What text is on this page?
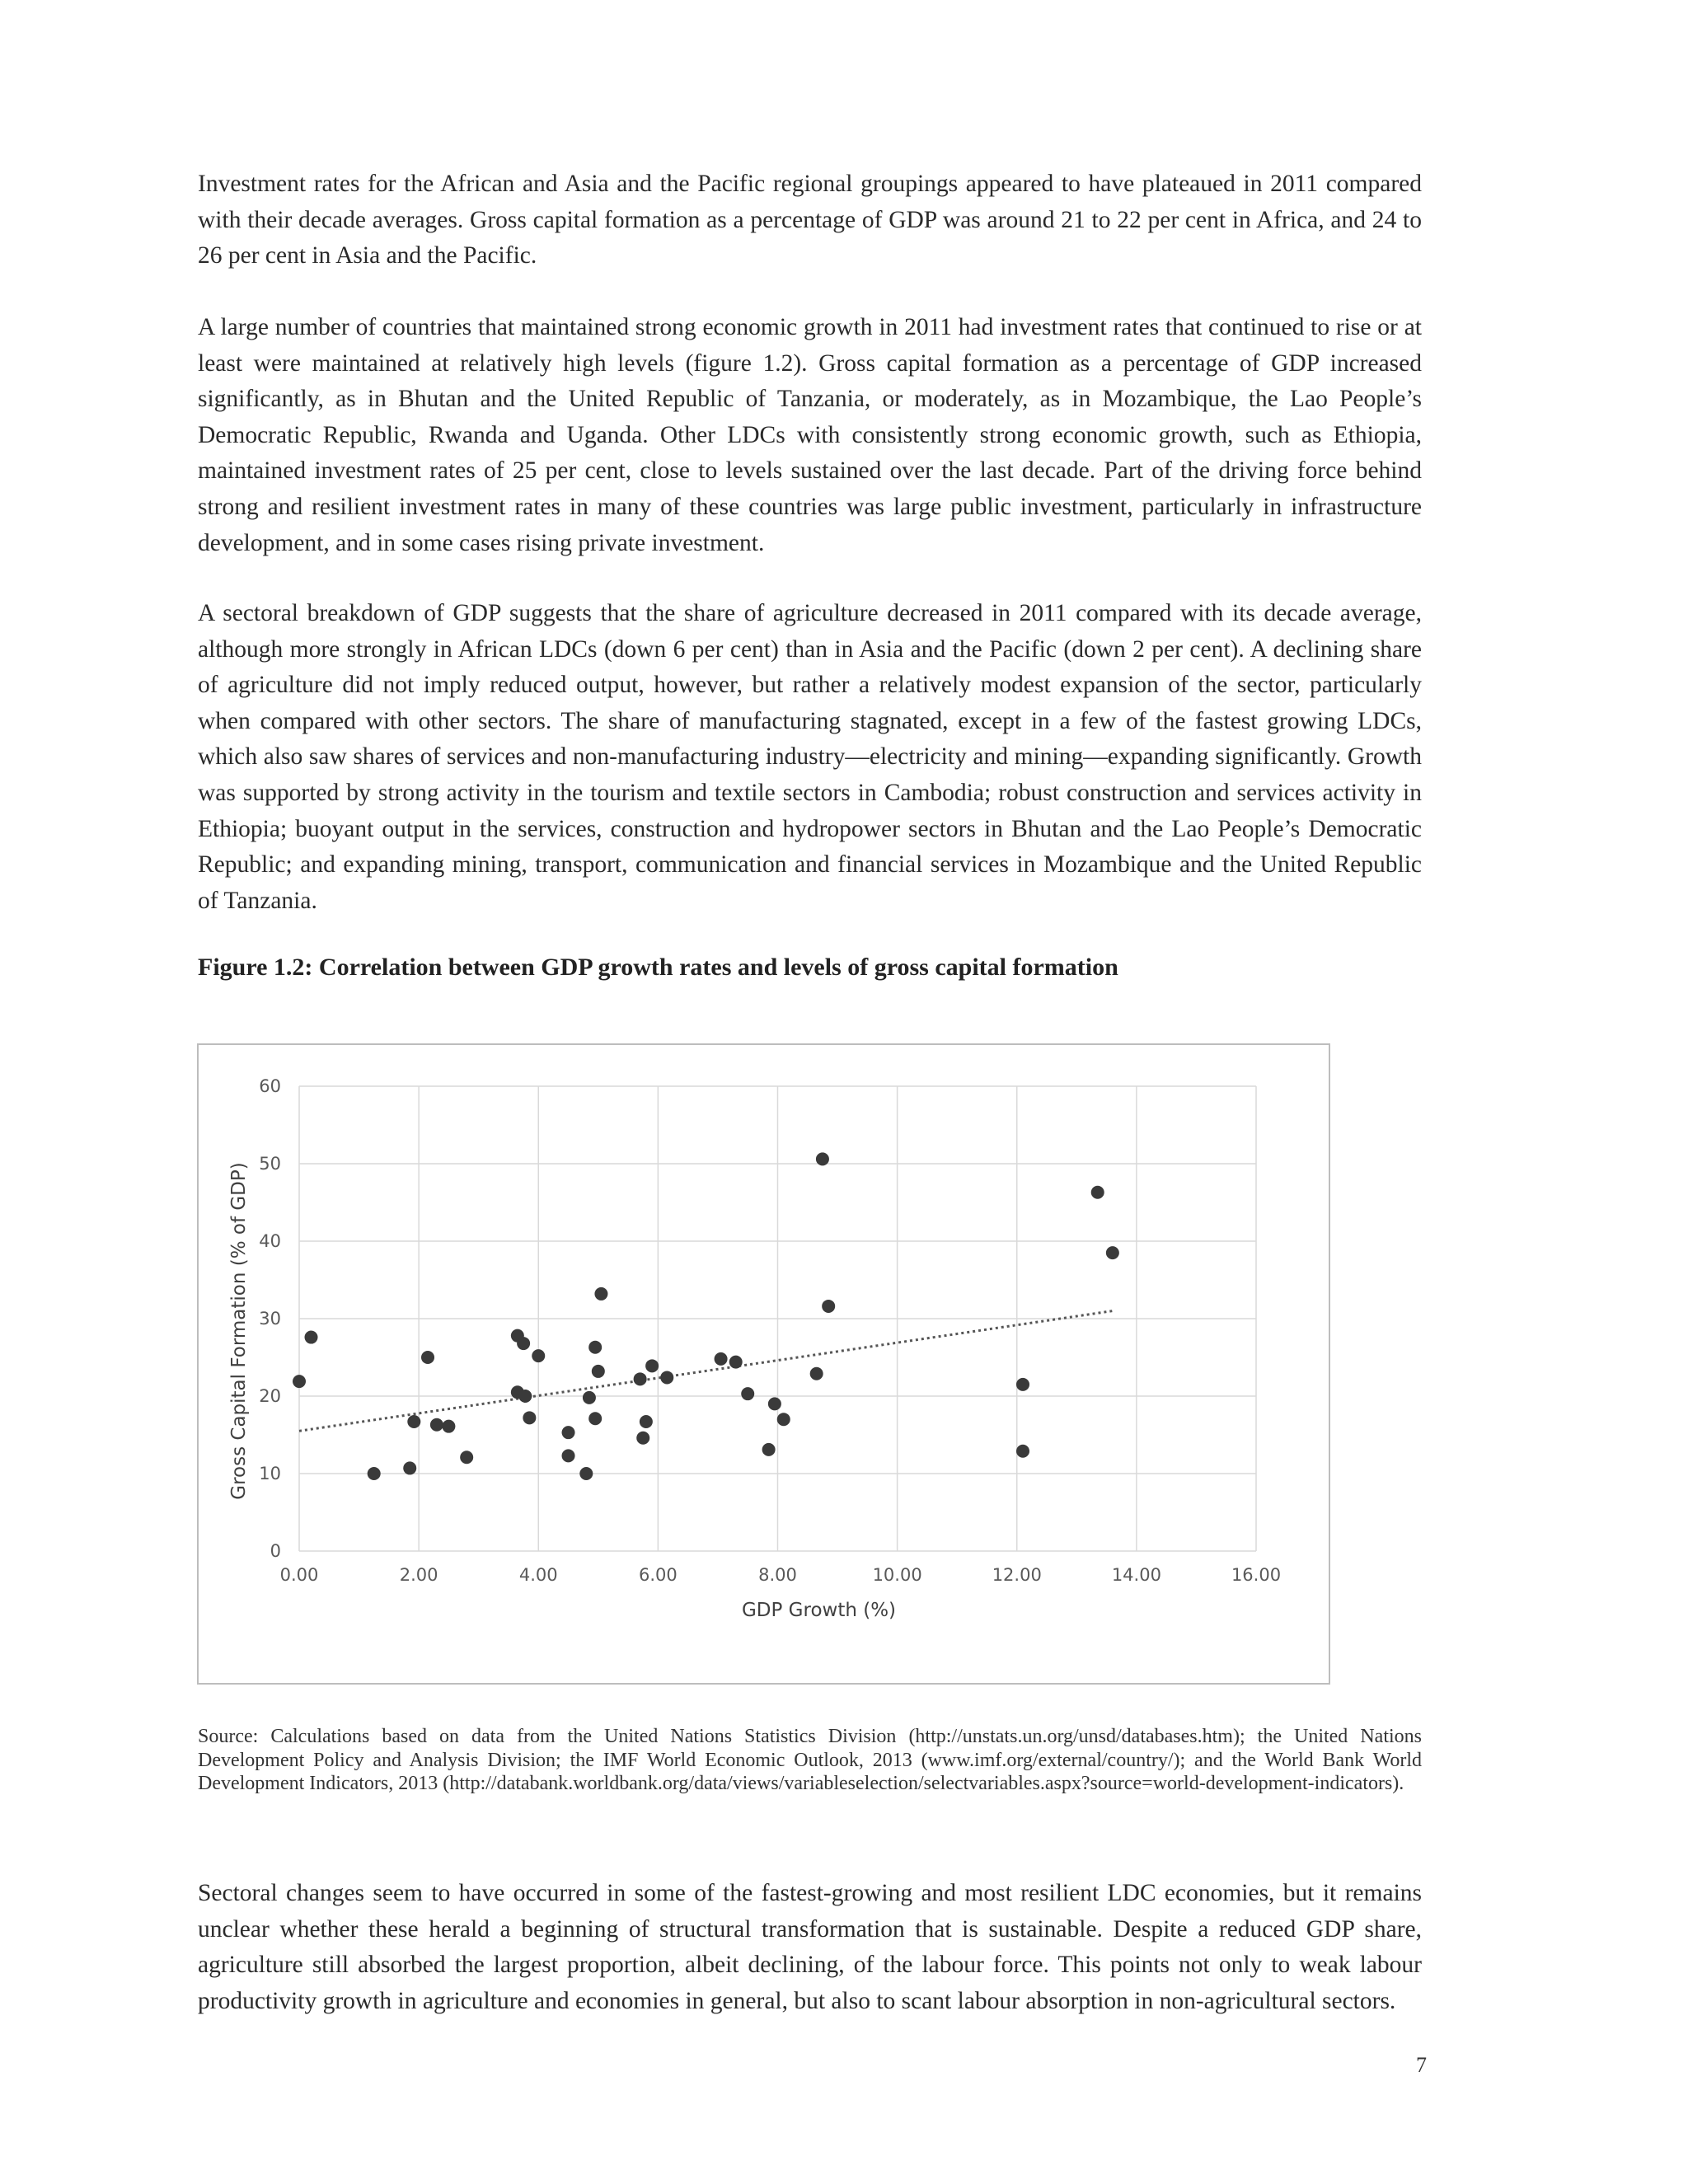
Investment rates for the African and Asia and the Pacific regional groupings appeared to have plateaued in 2011 compared with their decade averages. Gross capital formation as a percentage of GDP was around 21 to 22 per cent in Africa, and 24 to 26 per cent in Asia and the Pacific.

A large number of countries that maintained strong economic growth in 2011 had investment rates that continued to rise or at least were maintained at relatively high levels (figure 1.2). Gross capital formation as a percentage of GDP increased significantly, as in Bhutan and the United Republic of Tanzania, or moderately, as in Mozambique, the Lao People’s Democratic Republic, Rwanda and Uganda. Other LDCs with consistently strong economic growth, such as Ethiopia, maintained investment rates of 25 per cent, close to levels sustained over the last decade. Part of the driving force behind strong and resilient investment rates in many of these countries was large public investment, particularly in infrastructure development, and in some cases rising private investment.

A sectoral breakdown of GDP suggests that the share of agriculture decreased in 2011 compared with its decade average, although more strongly in African LDCs (down 6 per cent) than in Asia and the Pacific (down 2 per cent). A declining share of agriculture did not imply reduced output, however, but rather a relatively modest expansion of the sector, particularly when compared with other sectors. The share of manufacturing stagnated, except in a few of the fastest growing LDCs, which also saw shares of services and non-manufacturing industry—electricity and mining—expanding significantly. Growth was supported by strong activity in the tourism and textile sectors in Cambodia; robust construction and services activity in Ethiopia; buoyant output in the services, construction and hydropower sectors in Bhutan and the Lao People’s Democratic Republic; and expanding mining, transport, communication and financial services in Mozambique and the United Republic of Tanzania.

Figure 1.2: Correlation between GDP growth rates and levels of gross capital formation

0.00	2.00	4.00	6.00	8.00	10.00	12.00	14.00	16.00
0
10
20
30
40
50
60
GDP Growth (%)
Gross Capital Formation (% of GDP)

Source: Calculations based on data from the United Nations Statistics Division (http://unstats.un.org/unsd/databases.htm); the United Nations Development Policy and Analysis Division; the IMF World Economic Outlook, 2013 (www.imf.org/external/country/); and the World Bank World Development Indicators, 2013 (http://databank.worldbank.org/data/views/variableselection/selectvariables.aspx?source=world-development-indicators).

Sectoral changes seem to have occurred in some of the fastest-growing and most resilient LDC economies, but it remains unclear whether these herald a beginning of structural transformation that is sustainable. Despite a reduced GDP share, agriculture still absorbed the largest proportion, albeit declining, of the labour force. This points not only to weak labour productivity growth in agriculture and economies in general, but also to scant labour absorption in non-agricultural sectors.

7
